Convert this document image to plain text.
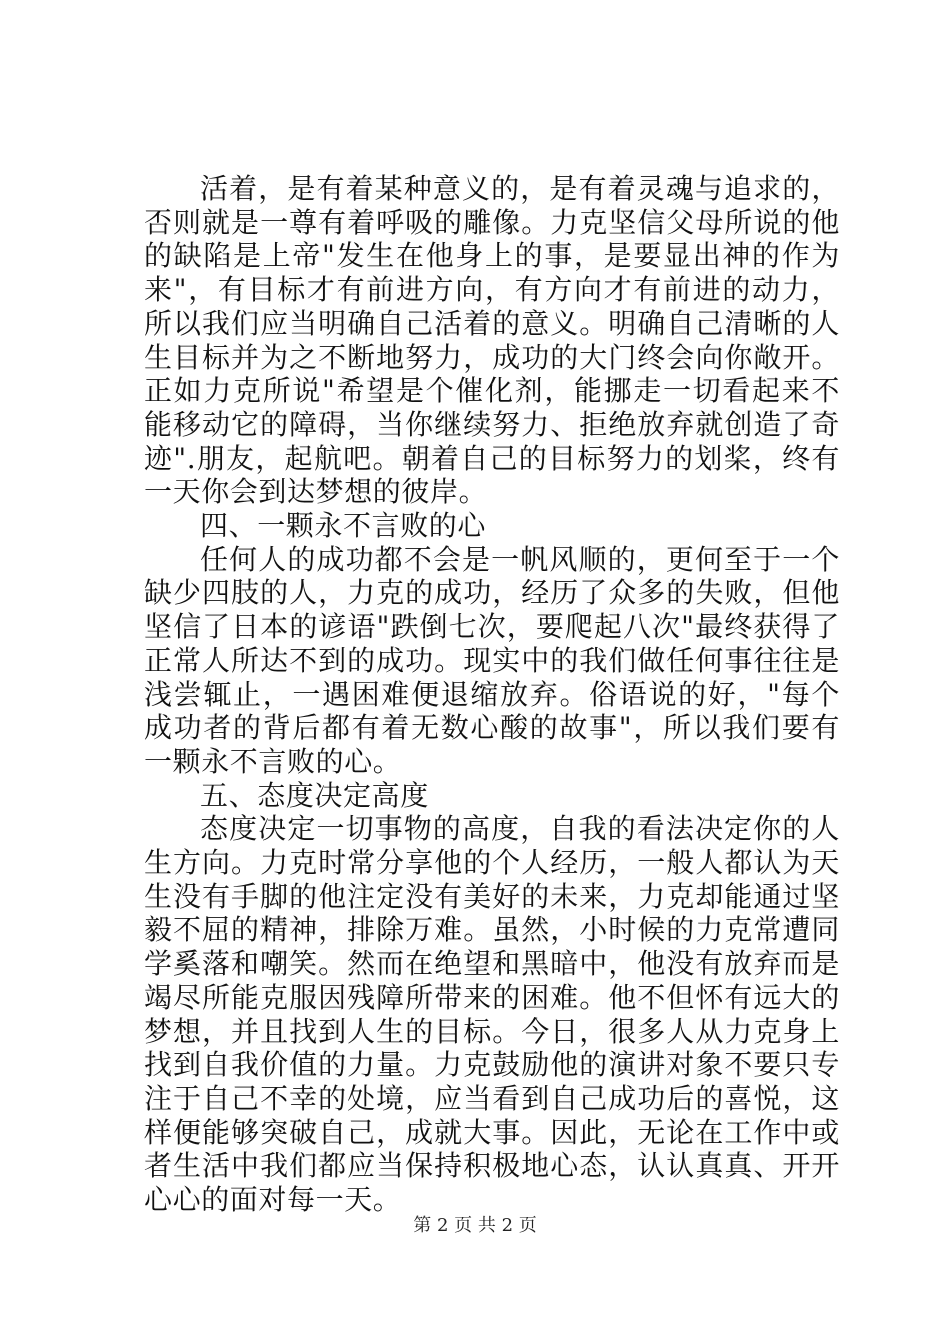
活着，是有着某种意义的，是有着灵魂与追求的，否则就是一尊有着呼吸的雕像。力克坚信父母所说的他的缺陷是上帝"发生在他身上的事，是要显出神的作为来"，有目标才有前进方向，有方向才有前进的动力，所以我们应当明确自己活着的意义。明确自己清晰的人生目标并为之不断地努力，成功的大门终会向你敞开。正如力克所说"希望是个催化剂，能挪走一切看起来不能移动它的障碍，当你继续努力、拒绝放弃就创造了奇迹".朋友，起航吧。朝着自己的目标努力的划桨，终有一天你会到达梦想的彼岸。

四、一颗永不言败的心

任何人的成功都不会是一帆风顺的，更何至于一个缺少四肢的人，力克的成功，经历了众多的失败，但他坚信了日本的谚语"跌倒七次，要爬起八次"最终获得了正常人所达不到的成功。现实中的我们做任何事往往是浅尝辄止，一遇困难便退缩放弃。俗语说的好，"每个成功者的背后都有着无数心酸的故事"，所以我们要有一颗永不言败的心。

五、态度决定高度

态度决定一切事物的高度，自我的看法决定你的人生方向。力克时常分享他的个人经历，一般人都认为天生没有手脚的他注定没有美好的未来，力克却能通过坚毅不屈的精神，排除万难。虽然，小时候的力克常遭同学奚落和嘲笑。然而在绝望和黑暗中，他没有放弃而是竭尽所能克服因残障所带来的困难。他不但怀有远大的梦想，并且找到人生的目标。今日，很多人从力克身上找到自我价值的力量。力克鼓励他的演讲对象不要只专注于自己不幸的处境，应当看到自己成功后的喜悦，这样便能够突破自己，成就大事。因此，无论在工作中或者生活中我们都应当保持积极地心态，认认真真、开开心心的面对每一天。

第 2 页 共 2 页
